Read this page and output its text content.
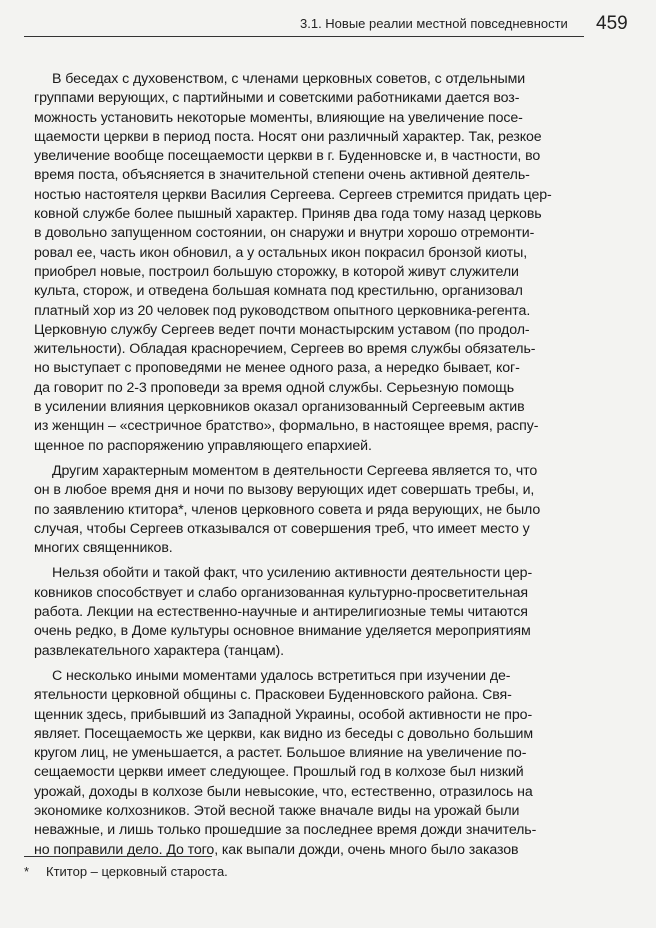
3.1. Новые реалии местной повседневности 459
В беседах с духовенством, с членами церковных советов, с отдельными
группами верующих, с партийными и советскими работниками дается воз-
можность установить некоторые моменты, влияющие на увеличение посе-
щаемости церкви в период поста. Носят они различный характер. Так, резкое
увеличение вообще посещаемости церкви в г. Буденновске и, в частности, во
время поста, объясняется в значительной степени очень активной деятель-
ностью настоятеля церкви Василия Сергеева. Сергеев стремится придать цер-
ковной службе более пышный характер. Приняв два года тому назад церковь
в довольно запущенном состоянии, он снаружи и внутри хорошо отремонти-
ровал ее, часть икон обновил, а у остальных икон покрасил бронзой киоты,
приобрел новые, построил большую сторожку, в которой живут служители
культа, сторож, и отведена большая комната под крестильню, организовал
платный хор из 20 человек под руководством опытного церковника-регента.
Церковную службу Сергеев ведет почти монастырским уставом (по продол-
жительности). Обладая красноречием, Сергеев во время службы обязатель-
но выступает с проповедями не менее одного раза, а нередко бывает, ког-
да говорит по 2-3 проповеди за время одной службы. Серьезную помощь
в усилении влияния церковников оказал организованный Сергеевым актив
из женщин – «сестричное братство», формально, в настоящее время, распу-
щенное по распоряжению управляющего епархией.
Другим характерным моментом в деятельности Сергеева является то, что
он в любое время дня и ночи по вызову верующих идет совершать требы, и,
по заявлению ктитора*, членов церковного совета и ряда верующих, не было
случая, чтобы Сергеев отказывался от совершения треб, что имеет место у
многих священников.
Нельзя обойти и такой факт, что усилению активности деятельности цер-
ковников способствует и слабо организованная культурно-просветительная
работа. Лекции на естественно-научные и антирелигиозные темы читаются
очень редко, в Доме культуры основное внимание уделяется мероприятиям
развлекательного характера (танцам).
С несколько иными моментами удалось встретиться при изучении де-
ятельности церковной общины с. Прасковеи Буденновского района. Свя-
щенник здесь, прибывший из Западной Украины, особой активности не про-
являет. Посещаемость же церкви, как видно из беседы с довольно большим
кругом лиц, не уменьшается, а растет. Большое влияние на увеличение по-
сещаемости церкви имеет следующее. Прошлый год в колхозе был низкий
урожай, доходы в колхозе были невысокие, что, естественно, отразилось на
экономике колхозников. Этой весной также вначале виды на урожай были
неважные, и лишь только прошедшие за последнее время дожди значитель-
но поправили дело. До того, как выпали дожди, очень много было заказов
* Ктитор – церковный староста.
